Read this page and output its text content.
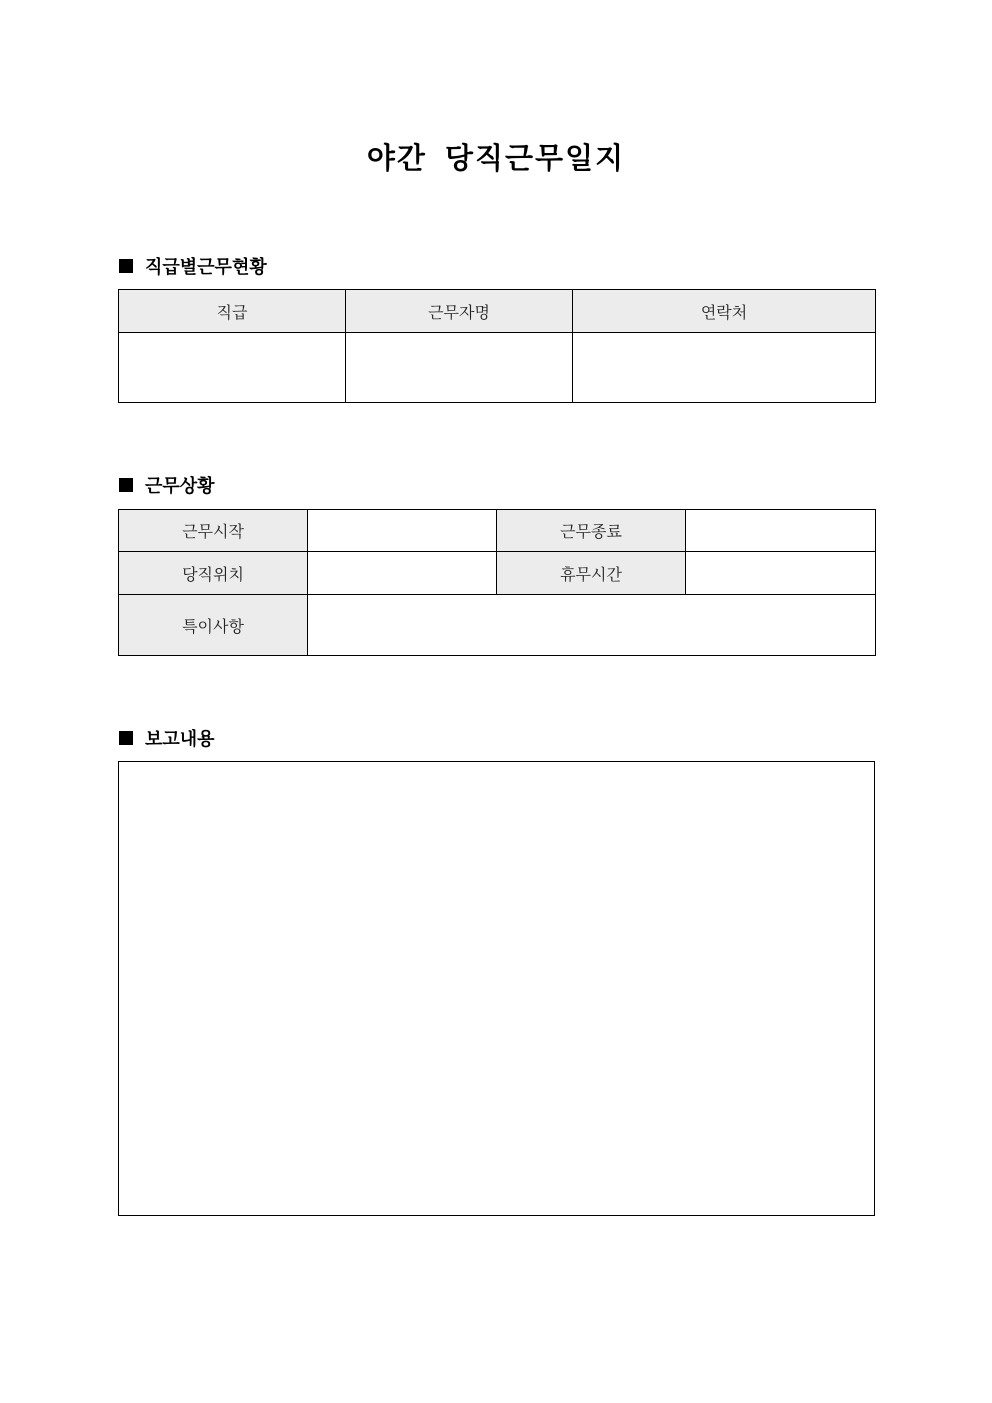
야간 당직근무일지
직급별근무현황
직급	근무자명	연락처

근무상황
근무시작		근무종료	
당직위치		휴무시간	
특이사항			
보고내용
